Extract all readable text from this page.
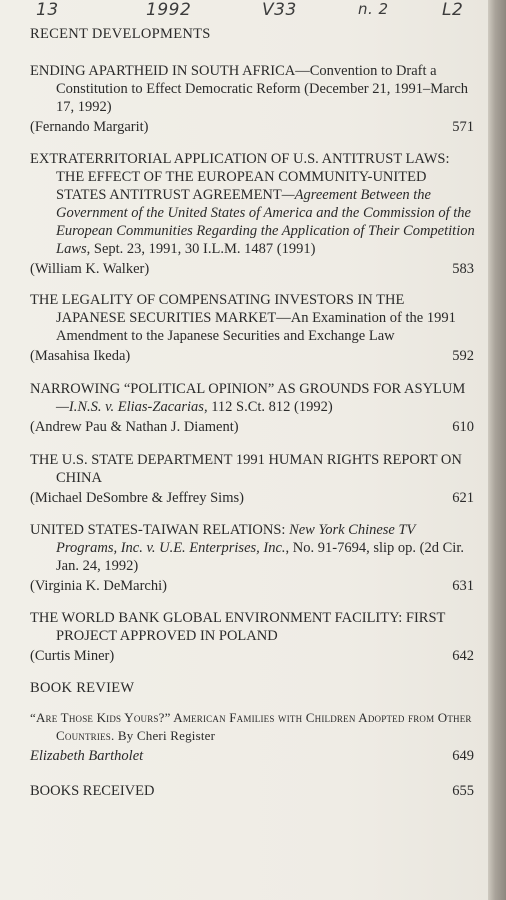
13	1992	V33	n. 2	L2
RECENT DEVELOPMENTS

ENDING APARTHEID IN SOUTH AFRICA—Convention to Draft a Constitution to Effect Democratic Reform (December 21, 1991–March 17, 1992)

(Fernando Margarit)	571

EXTRATERRITORIAL APPLICATION OF U.S. ANTITRUST LAWS: THE EFFECT OF THE EUROPEAN COMMUNITY-UNITED STATES ANTITRUST AGREEMENT—Agreement Between the Government of the United States of America and the Commission of the European Communities Regarding the Application of Their Competition Laws, Sept. 23, 1991, 30 I.L.M. 1487 (1991)

(William K. Walker)	583

THE LEGALITY OF COMPENSATING INVESTORS IN THE JAPANESE SECURITIES MARKET—An Examination of the 1991 Amendment to the Japanese Securities and Exchange Law

(Masahisa Ikeda)	592

NARROWING “POLITICAL OPINION” AS GROUNDS FOR ASYLUM—I.N.S. v. Elias-Zacarias, 112 S.Ct. 812 (1992)

(Andrew Pau & Nathan J. Diament)	610

THE U.S. STATE DEPARTMENT 1991 HUMAN RIGHTS REPORT ON CHINA

(Michael DeSombre & Jeffrey Sims)	621

UNITED STATES-TAIWAN RELATIONS: New York Chinese TV Programs, Inc. v. U.E. Enterprises, Inc., No. 91-7694, slip op. (2d Cir. Jan. 24, 1992)

(Virginia K. DeMarchi)	631

THE WORLD BANK GLOBAL ENVIRONMENT FACILITY: FIRST PROJECT APPROVED IN POLAND

(Curtis Miner)	642
BOOK REVIEW

“Are Those Kids Yours?” American Families with Children Adopted from Other Countries. By Cheri Register

Elizabeth Bartholet	649
BOOKS RECEIVED	655
